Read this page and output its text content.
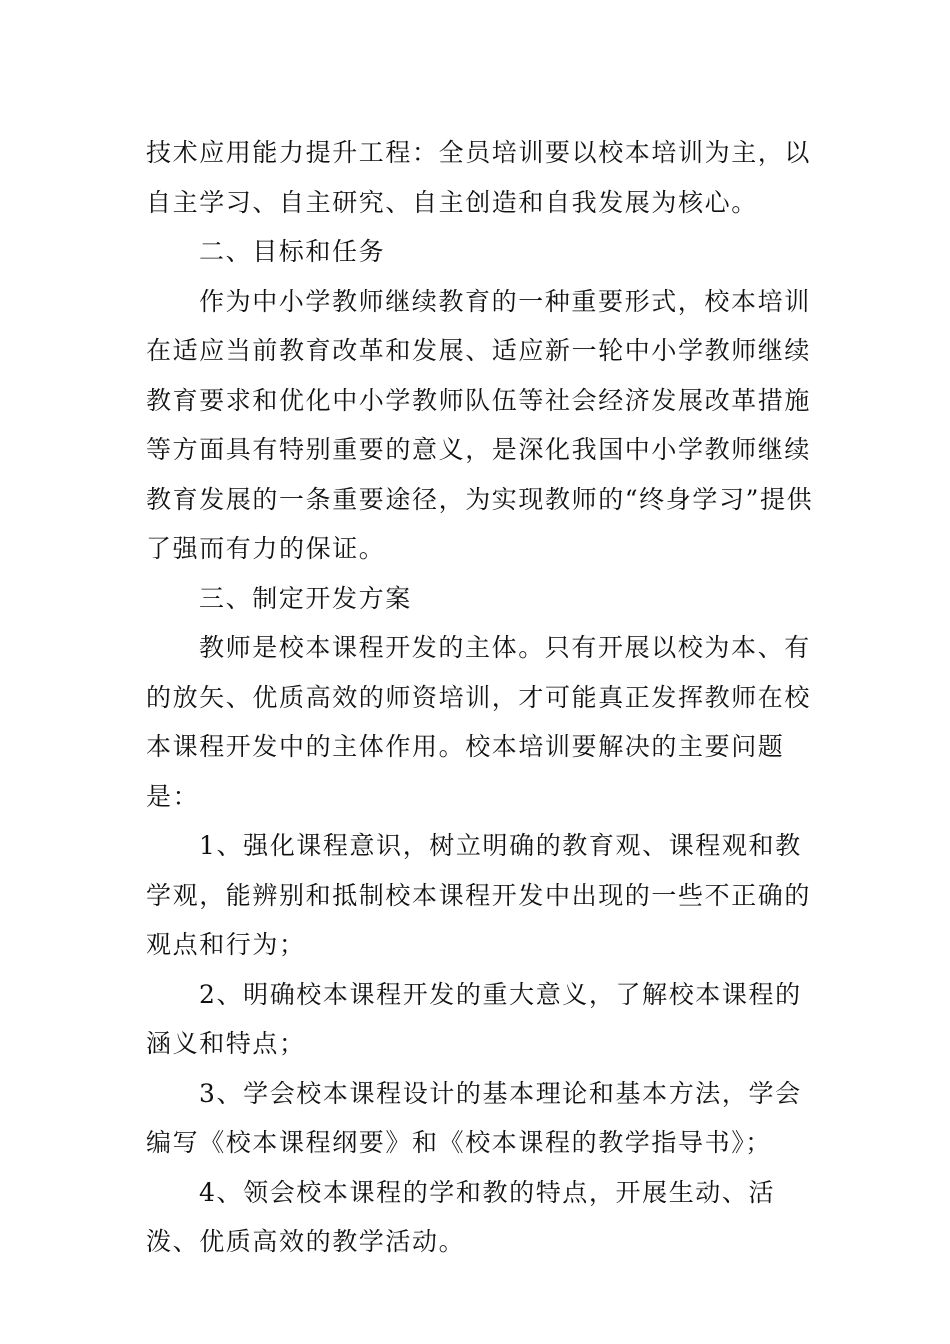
技术应用能力提升工程：全员培训要以校本培训为主，以自主学习、自主研究、自主创造和自我发展为核心。

二、目标和任务

作为中小学教师继续教育的一种重要形式，校本培训在适应当前教育改革和发展、适应新一轮中小学教师继续教育要求和优化中小学教师队伍等社会经济发展改革措施等方面具有特别重要的意义，是深化我国中小学教师继续教育发展的一条重要途径，为实现教师的“终身学习”提供了强而有力的保证。

三、制定开发方案

教师是校本课程开发的主体。只有开展以校为本、有的放矢、优质高效的师资培训，才可能真正发挥教师在校本课程开发中的主体作用。校本培训要解决的主要问题是：

1、强化课程意识，树立明确的教育观、课程观和教学观，能辨别和抵制校本课程开发中出现的一些不正确的观点和行为；

2、明确校本课程开发的重大意义，了解校本课程的涵义和特点；

3、学会校本课程设计的基本理论和基本方法，学会编写《校本课程纲要》和《校本课程的教学指导书》；

4、领会校本课程的学和教的特点，开展生动、活泼、优质高效的教学活动。
